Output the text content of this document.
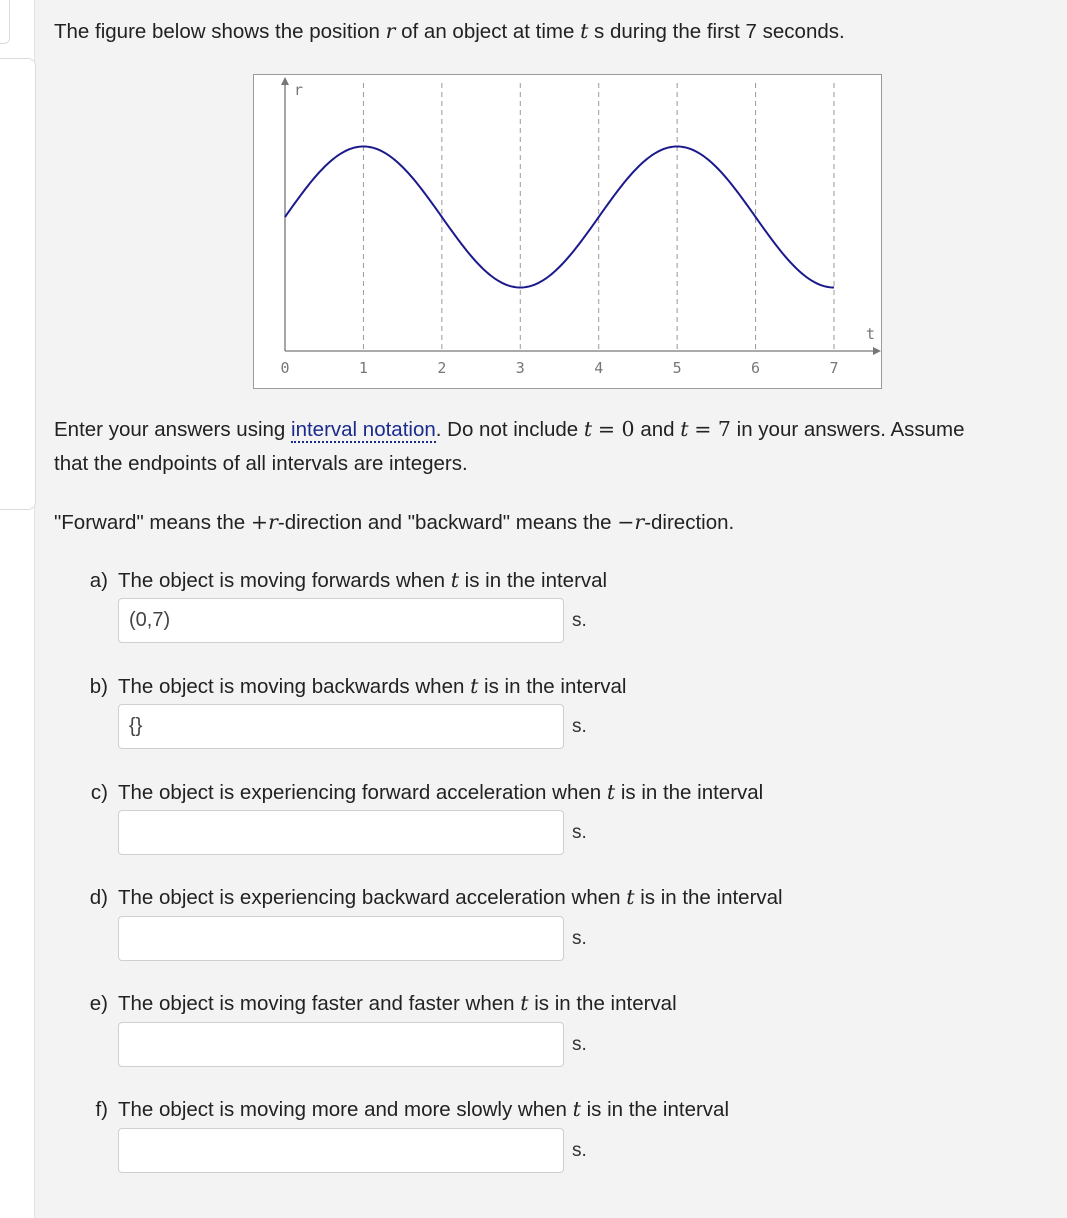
The figure below shows the position r of an object at time t s during the first 7 seconds.
r
t
0	1	2	3	4	5	6	7
Enter your answers using interval notation. Do not include t = 0 and t = 7 in your answers. Assume
that the endpoints of all intervals are integers.
"Forward" means the +r-direction and "backward" means the −r-direction.
a) The object is moving forwards when t is in the interval
(0,7)
s.
b) The object is moving backwards when t is in the interval
{}
s.
c) The object is experiencing forward acceleration when t is in the interval
s.
d) The object is experiencing backward acceleration when t is in the interval
s.
e) The object is moving faster and faster when t is in the interval
s.
f) The object is moving more and more slowly when t is in the interval
s.
